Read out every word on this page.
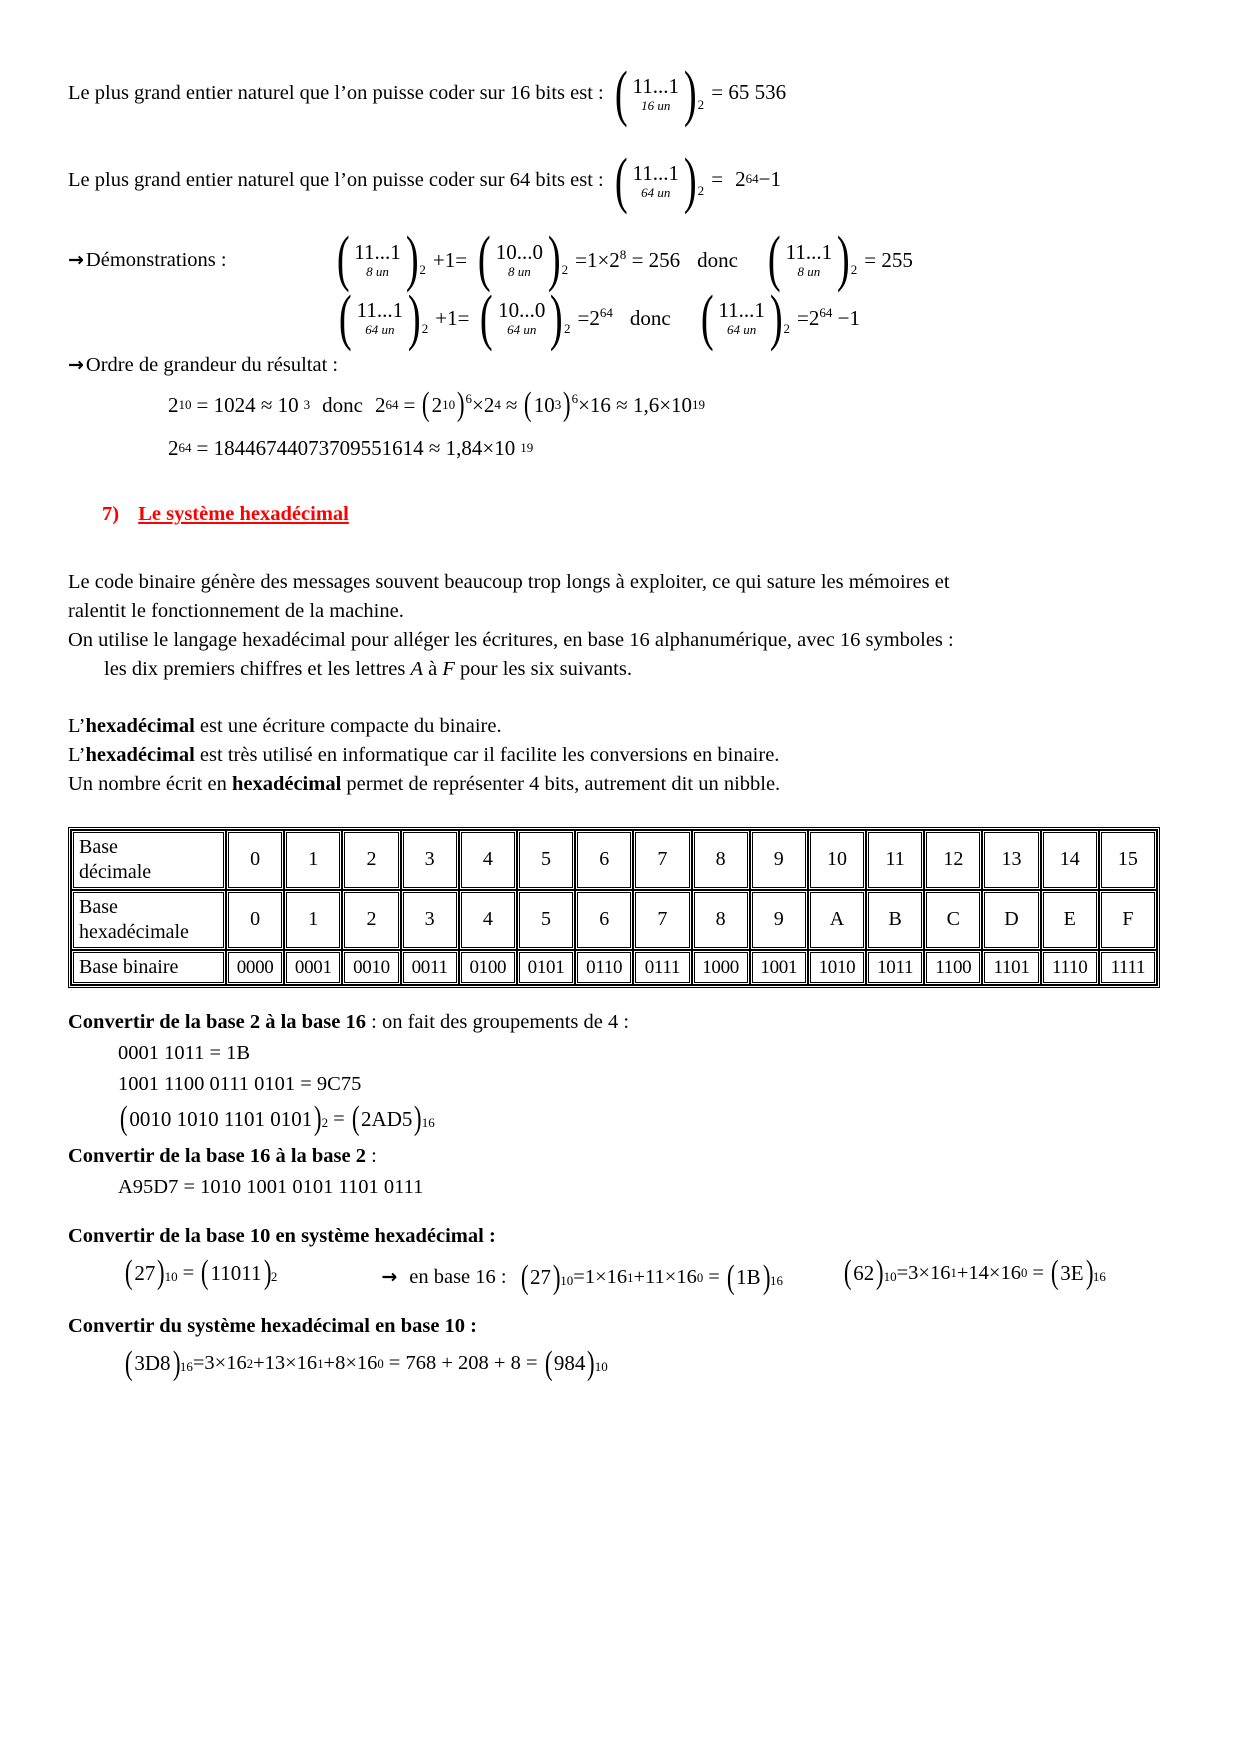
Le plus grand entier naturel que l’on puisse coder sur 16 bits est : ( 11...1
16 un ) 2
= 65 536
Le plus grand entier naturel que l’on puisse coder sur 64 bits est : ( 11...1
64 un ) 2

= 2 64 −1
→ Démonstrations : ( 11...1
8 un ) 2 +1= ( 10...0
8 un ) $2 =1\times 2^8 = 256$ donc ( 11...1
8 un ) 2 = 255
( 11...1
64 un ) 2 +1= ( 10...0
64 un ) $2 =2^{64}$ donc ( 11...1
64 un ) $2 =2^{64} -1$
→ Ordre de grandeur du résultat :
2 10 = 1024 ≈ 10 3 donc 2 64 = ( 2 10 ) 6 ×2 4 ≈ ( 10 3 ) 6 ×16 ≈ 1,6×10 19
2 64 = 18446744073709551614 ≈ 1,84×10 19
7) Le système hexadécimal
Le code binaire génère des messages souvent beaucoup trop longs à exploiter, ce qui sature les mémoires et
ralentit le fonctionnement de la machine.
On utilise le langage hexadécimal pour alléger les écritures, en base 16 alphanumérique, avec 16 symboles :
les dix premiers chiffres et les lettres A à F pour les six suivants.
L’hexadécimal est une écriture compacte du binaire.
L’hexadécimal est très utilisé en informatique car il facilite les conversions en binaire.
Un nombre écrit en hexadécimal permet de représenter 4 bits, autrement dit un nibble.
Base
décimale	0	1	2	3	4	5	6	7	8	9	10	11	12	13	14	15

Base
hexadécimale	0	1	2	3	4	5	6	7	8	9	A	B	C	D	E	F

Base binaire	0000	0001	0010	0011	0100	0101	0110	0111	1000	1001	1010	1011	1100	1101	1110	1111
Convertir de la base 2 à la base 16 : on fait des groupements de 4 :
0001 1011 = 1B
1001 1100 0111 0101 = 9C75
( 0010 1010 1101 0101 ) 2 = ( 2AD5 ) 16
Convertir de la base 16 à la base 2 :
A95D7 = 1010 1001 0101 1101 0111
Convertir de la base 10 en système hexadécimal :
( 27 ) 10 = ( 11011 ) 2
	→ en base 16 : ( 27 ) 10 =1×16 1 +11×16 0 = ( 1B ) 16
( 62 ) 10 =3×16 1 +14×16 0 = ( 3E ) 16
Convertir du système hexadécimal en base 10 :
( 3D8 ) 16 =3×16 2 +13×16 1 +8×16 0 = 768 + 208 + 8 = ( 984 ) 10
